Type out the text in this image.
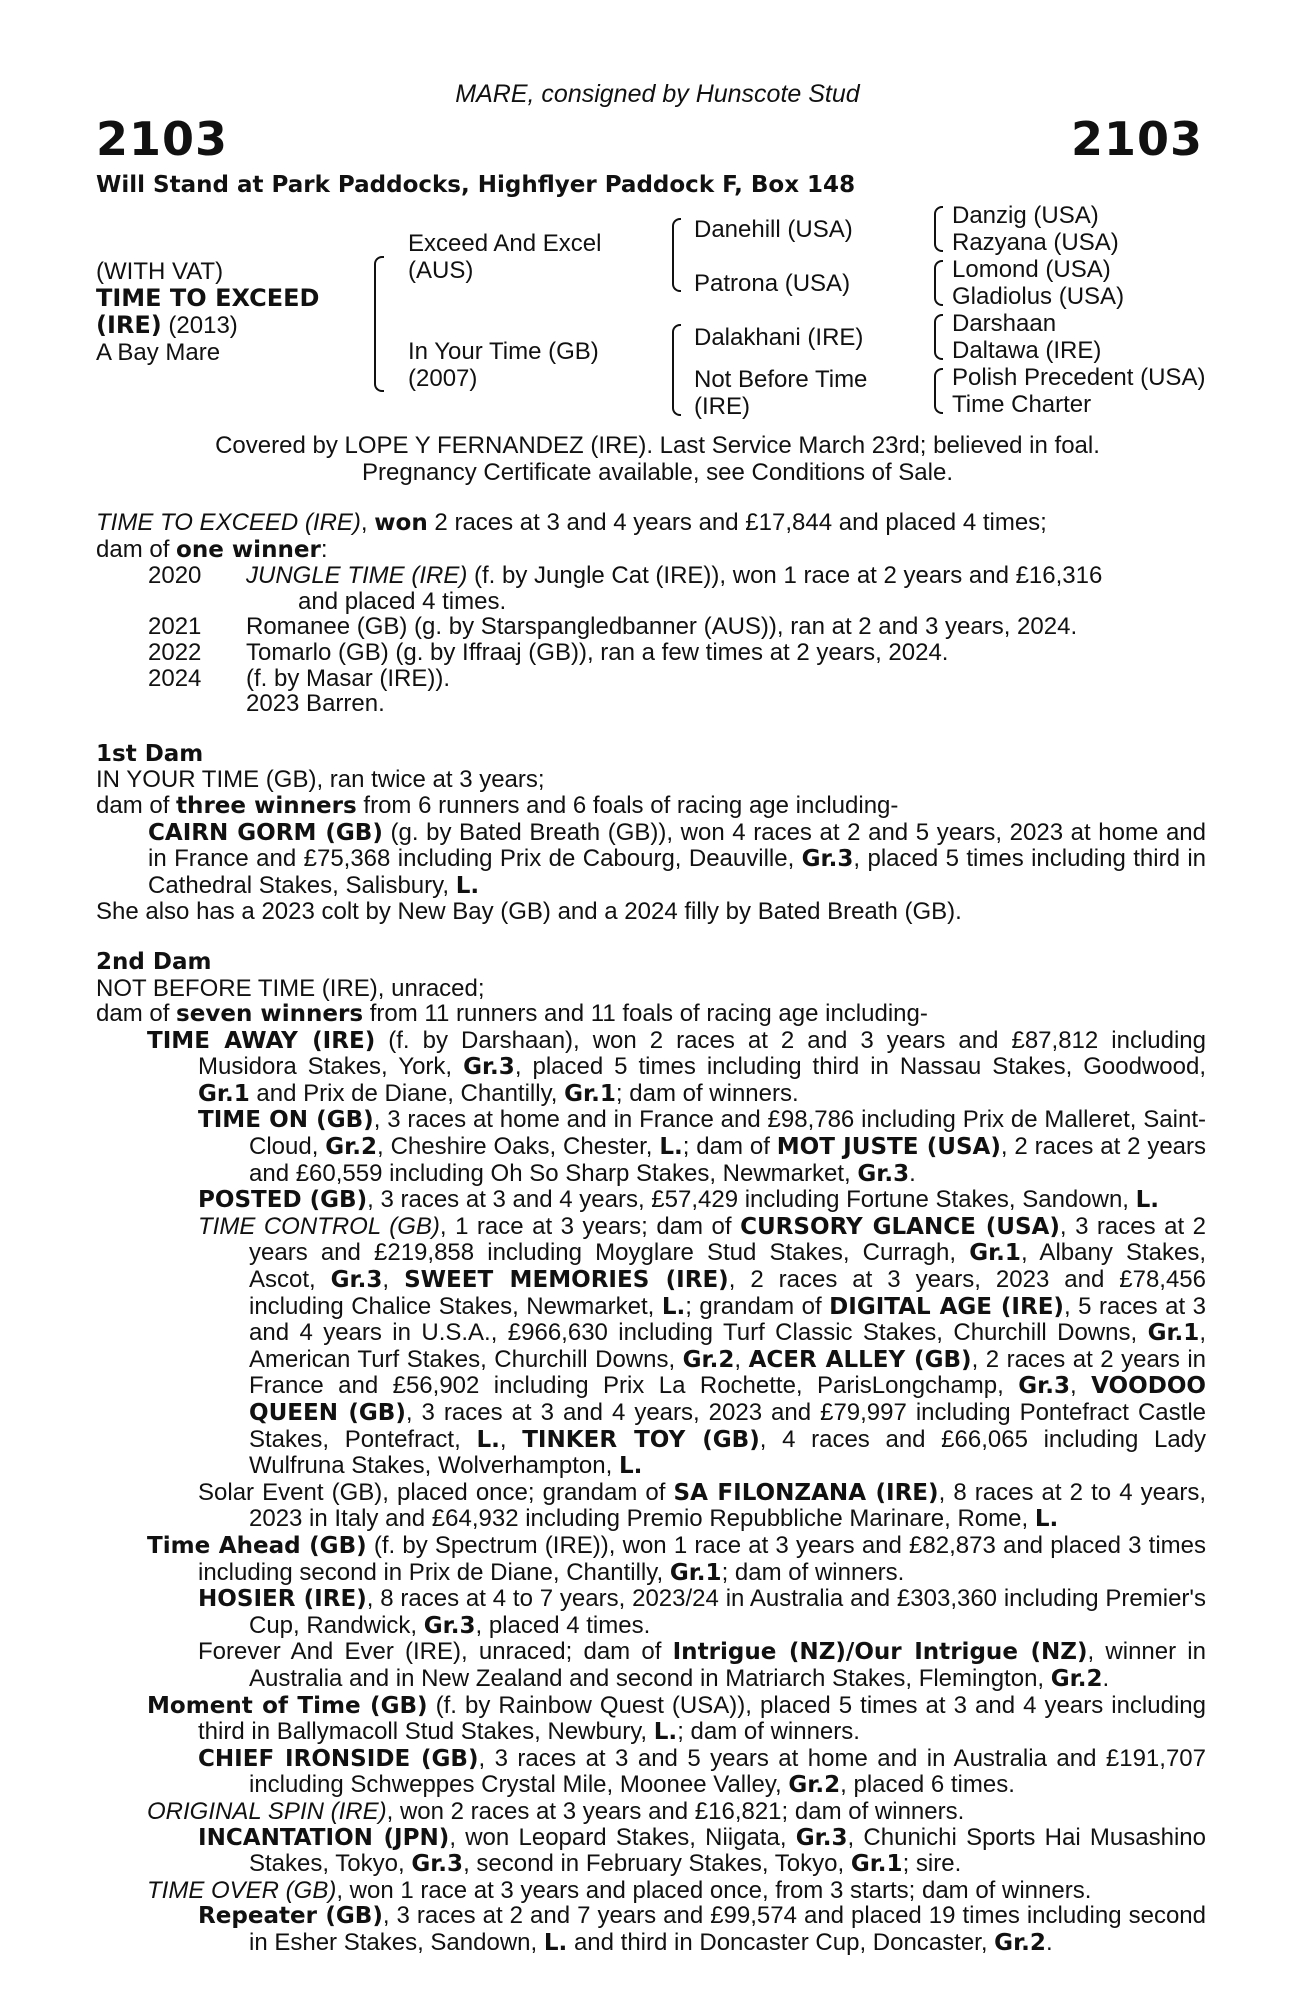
MARE, consigned by Hunscote Stud
2103	2103
Will Stand at Park Paddocks, Highflyer Paddock F, Box 148
(WITH VAT)
TIME TO EXCEED
(IRE) (2013)
A Bay Mare
Exceed And Excel
(AUS)
In Your Time (GB)
(2007)
Danehill (USA)
Patrona (USA)
Dalakhani (IRE)
Not Before Time
(IRE)
Danzig (USA)
Razyana (USA)
Lomond (USA)
Gladiolus (USA)
Darshaan
Daltawa (IRE)
Polish Precedent (USA)
Time Charter
Covered by LOPE Y FERNANDEZ (IRE). Last Service March 23rd; believed in foal.
Pregnancy Certificate available, see Conditions of Sale.

TIME TO EXCEED (IRE), won 2 races at 3 and 4 years and £17,844 and placed 4 times;

dam of one winner:

2020	JUNGLE TIME (IRE) (f. by Jungle Cat (IRE)), won 1 race at 2 years and £16,316
and placed 4 times.
2021	Romanee (GB) (g. by Starspangledbanner (AUS)), ran at 2 and 3 years, 2024.
2022	Tomarlo (GB) (g. by Iffraaj (GB)), ran a few times at 2 years, 2024.
2024	(f. by Masar (IRE)).
2023 Barren.

1st Dam

IN YOUR TIME (GB), ran twice at 3 years;

dam of three winners from 6 runners and 6 foals of racing age including-

CAIRN GORM (GB) (g. by Bated Breath (GB)), won 4 races at 2 and 5 years, 2023 at home and in France and £75,368 including Prix de Cabourg, Deauville, Gr.3, placed 5 times including third in Cathedral Stakes, Salisbury, L.

She also has a 2023 colt by New Bay (GB) and a 2024 filly by Bated Breath (GB).

2nd Dam

NOT BEFORE TIME (IRE), unraced;

dam of seven winners from 11 runners and 11 foals of racing age including-

TIME AWAY (IRE) (f. by Darshaan), won 2 races at 2 and 3 years and £87,812 including Musidora Stakes, York, Gr.3, placed 5 times including third in Nassau Stakes, Goodwood, Gr.1 and Prix de Diane, Chantilly, Gr.1; dam of winners.

TIME ON (GB), 3 races at home and in France and £98,786 including Prix de Malleret, Saint-Cloud, Gr.2, Cheshire Oaks, Chester, L.; dam of MOT JUSTE (USA), 2 races at 2 years and £60,559 including Oh So Sharp Stakes, Newmarket, Gr.3.

POSTED (GB), 3 races at 3 and 4 years, £57,429 including Fortune Stakes, Sandown, L.

TIME CONTROL (GB), 1 race at 3 years; dam of CURSORY GLANCE (USA), 3 races at 2 years and £219,858 including Moyglare Stud Stakes, Curragh, Gr.1, Albany Stakes, Ascot, Gr.3, SWEET MEMORIES (IRE), 2 races at 3 years, 2023 and £78,456 including Chalice Stakes, Newmarket, L.; grandam of DIGITAL AGE (IRE), 5 races at 3 and 4 years in U.S.A., £966,630 including Turf Classic Stakes, Churchill Downs, Gr.1, American Turf Stakes, Churchill Downs, Gr.2, ACER ALLEY (GB), 2 races at 2 years in France and £56,902 including Prix La Rochette, ParisLongchamp, Gr.3, VOODOO QUEEN (GB), 3 races at 3 and 4 years, 2023 and £79,997 including Pontefract Castle Stakes, Pontefract, L., TINKER TOY (GB), 4 races and £66,065 including Lady Wulfruna Stakes, Wolverhampton, L.

Solar Event (GB), placed once; grandam of SA FILONZANA (IRE), 8 races at 2 to 4 years, 2023 in Italy and £64,932 including Premio Repubbliche Marinare, Rome, L.

Time Ahead (GB) (f. by Spectrum (IRE)), won 1 race at 3 years and £82,873 and placed 3 times including second in Prix de Diane, Chantilly, Gr.1; dam of winners.

HOSIER (IRE), 8 races at 4 to 7 years, 2023/24 in Australia and £303,360 including Premier's Cup, Randwick, Gr.3, placed 4 times.

Forever And Ever (IRE), unraced; dam of Intrigue (NZ)/Our Intrigue (NZ), winner in Australia and in New Zealand and second in Matriarch Stakes, Flemington, Gr.2.

Moment of Time (GB) (f. by Rainbow Quest (USA)), placed 5 times at 3 and 4 years including third in Ballymacoll Stud Stakes, Newbury, L.; dam of winners.

CHIEF IRONSIDE (GB), 3 races at 3 and 5 years at home and in Australia and £191,707 including Schweppes Crystal Mile, Moonee Valley, Gr.2, placed 6 times.

ORIGINAL SPIN (IRE), won 2 races at 3 years and £16,821; dam of winners.

INCANTATION (JPN), won Leopard Stakes, Niigata, Gr.3, Chunichi Sports Hai Musashino Stakes, Tokyo, Gr.3, second in February Stakes, Tokyo, Gr.1; sire.

TIME OVER (GB), won 1 race at 3 years and placed once, from 3 starts; dam of winners.

Repeater (GB), 3 races at 2 and 7 years and £99,574 and placed 19 times including second in Esher Stakes, Sandown, L. and third in Doncaster Cup, Doncaster, Gr.2.
